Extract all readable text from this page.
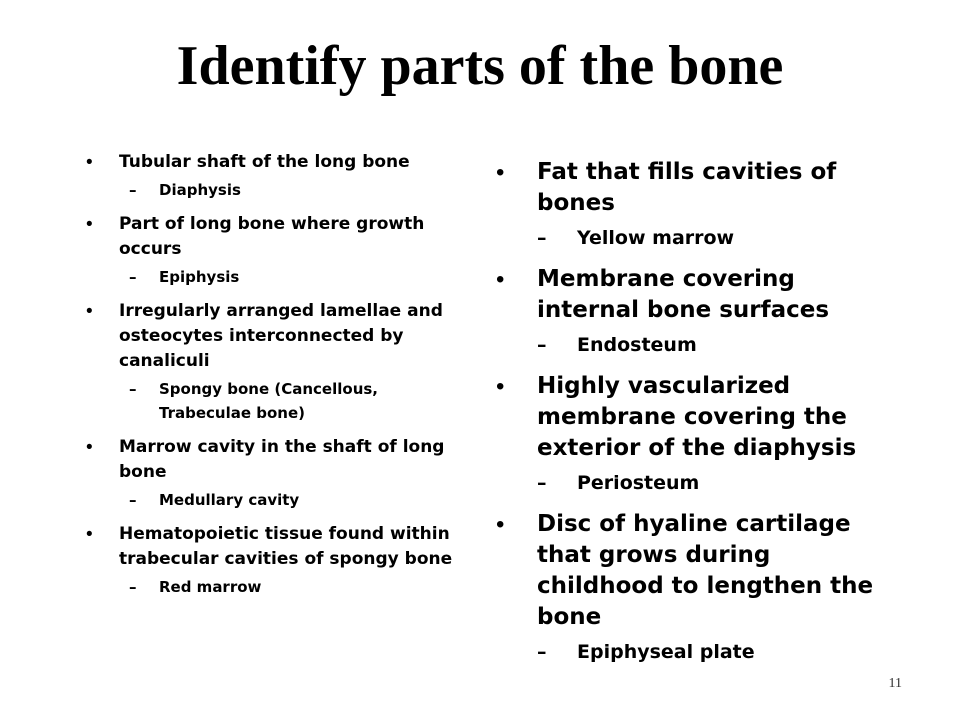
Identify parts of the bone
• Tubular shaft of the long bone
– Diaphysis
• Part of long bone where growth occurs
– Epiphysis
• Irregularly arranged lamellae and osteocytes interconnected by canaliculi
– Spongy bone (Cancellous, Trabeculae bone)
• Marrow cavity in the shaft of long bone
– Medullary cavity
• Hematopoietic tissue found within trabecular cavities of spongy bone
– Red marrow
• Fat that fills cavities of bones
– Yellow marrow
• Membrane covering internal bone surfaces
– Endosteum
• Highly vascularized membrane covering the exterior of the diaphysis
– Periosteum
• Disc of hyaline cartilage that grows during childhood to lengthen the bone
– Epiphyseal plate
11
